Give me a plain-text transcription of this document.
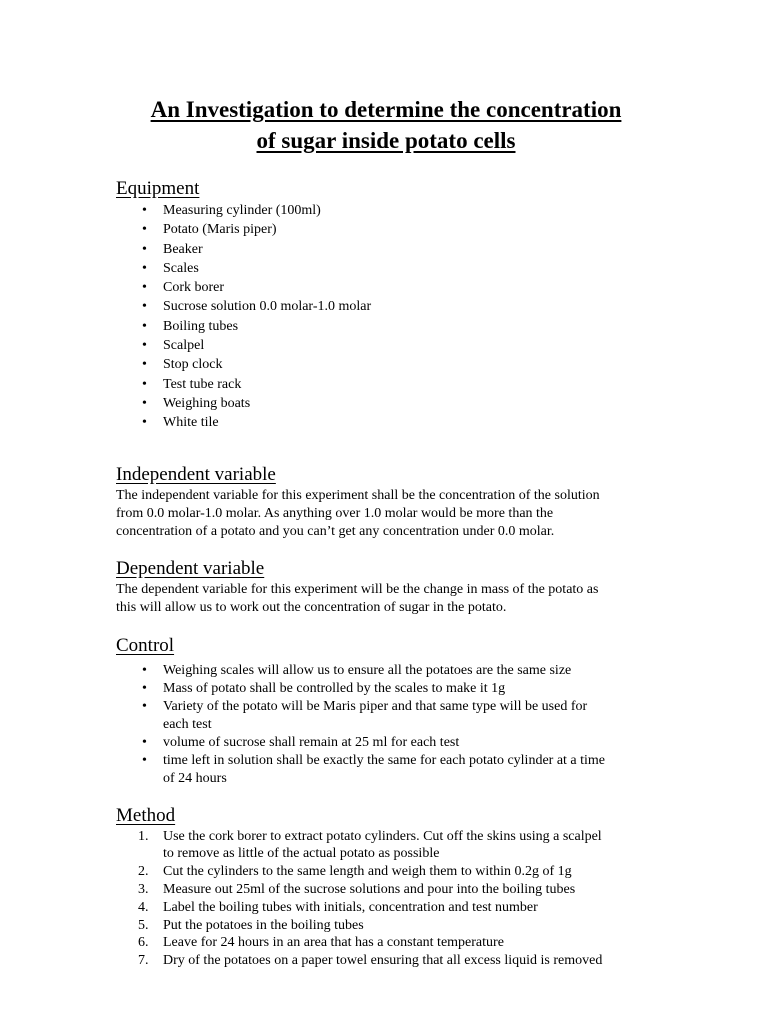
An Investigation to determine the concentration
of sugar inside potato cells
Equipment
• Measuring cylinder (100ml)
• Potato (Maris piper)
• Beaker
• Scales
• Cork borer
• Sucrose solution 0.0 molar-1.0 molar
• Boiling tubes
• Scalpel
• Stop clock
• Test tube rack
• Weighing boats
• White tile
Independent variable

The independent variable for this experiment shall be the concentration of the solution
from 0.0 molar-1.0 molar. As anything over 1.0 molar would be more than the
concentration of a potato and you can’t get any concentration under 0.0 molar.

Dependent variable

The dependent variable for this experiment will be the change in mass of the potato as
this will allow us to work out the concentration of sugar in the potato.

Control
• Weighing scales will allow us to ensure all the potatoes are the same size
• Mass of potato shall be controlled by the scales to make it 1g
• Variety of the potato will be Maris piper and that same type will be used for
each test
• volume of sucrose shall remain at 25 ml for each test
• time left in solution shall be exactly the same for each potato cylinder at a time
of 24 hours
Method
1. Use the cork borer to extract potato cylinders. Cut off the skins using a scalpel
to remove as little of the actual potato as possible
2. Cut the cylinders to the same length and weigh them to within 0.2g of 1g
3. Measure out 25ml of the sucrose solutions and pour into the boiling tubes
4. Label the boiling tubes with initials, concentration and test number
5. Put the potatoes in the boiling tubes
6. Leave for 24 hours in an area that has a constant temperature
7. Dry of the potatoes on a paper towel ensuring that all excess liquid is removed
